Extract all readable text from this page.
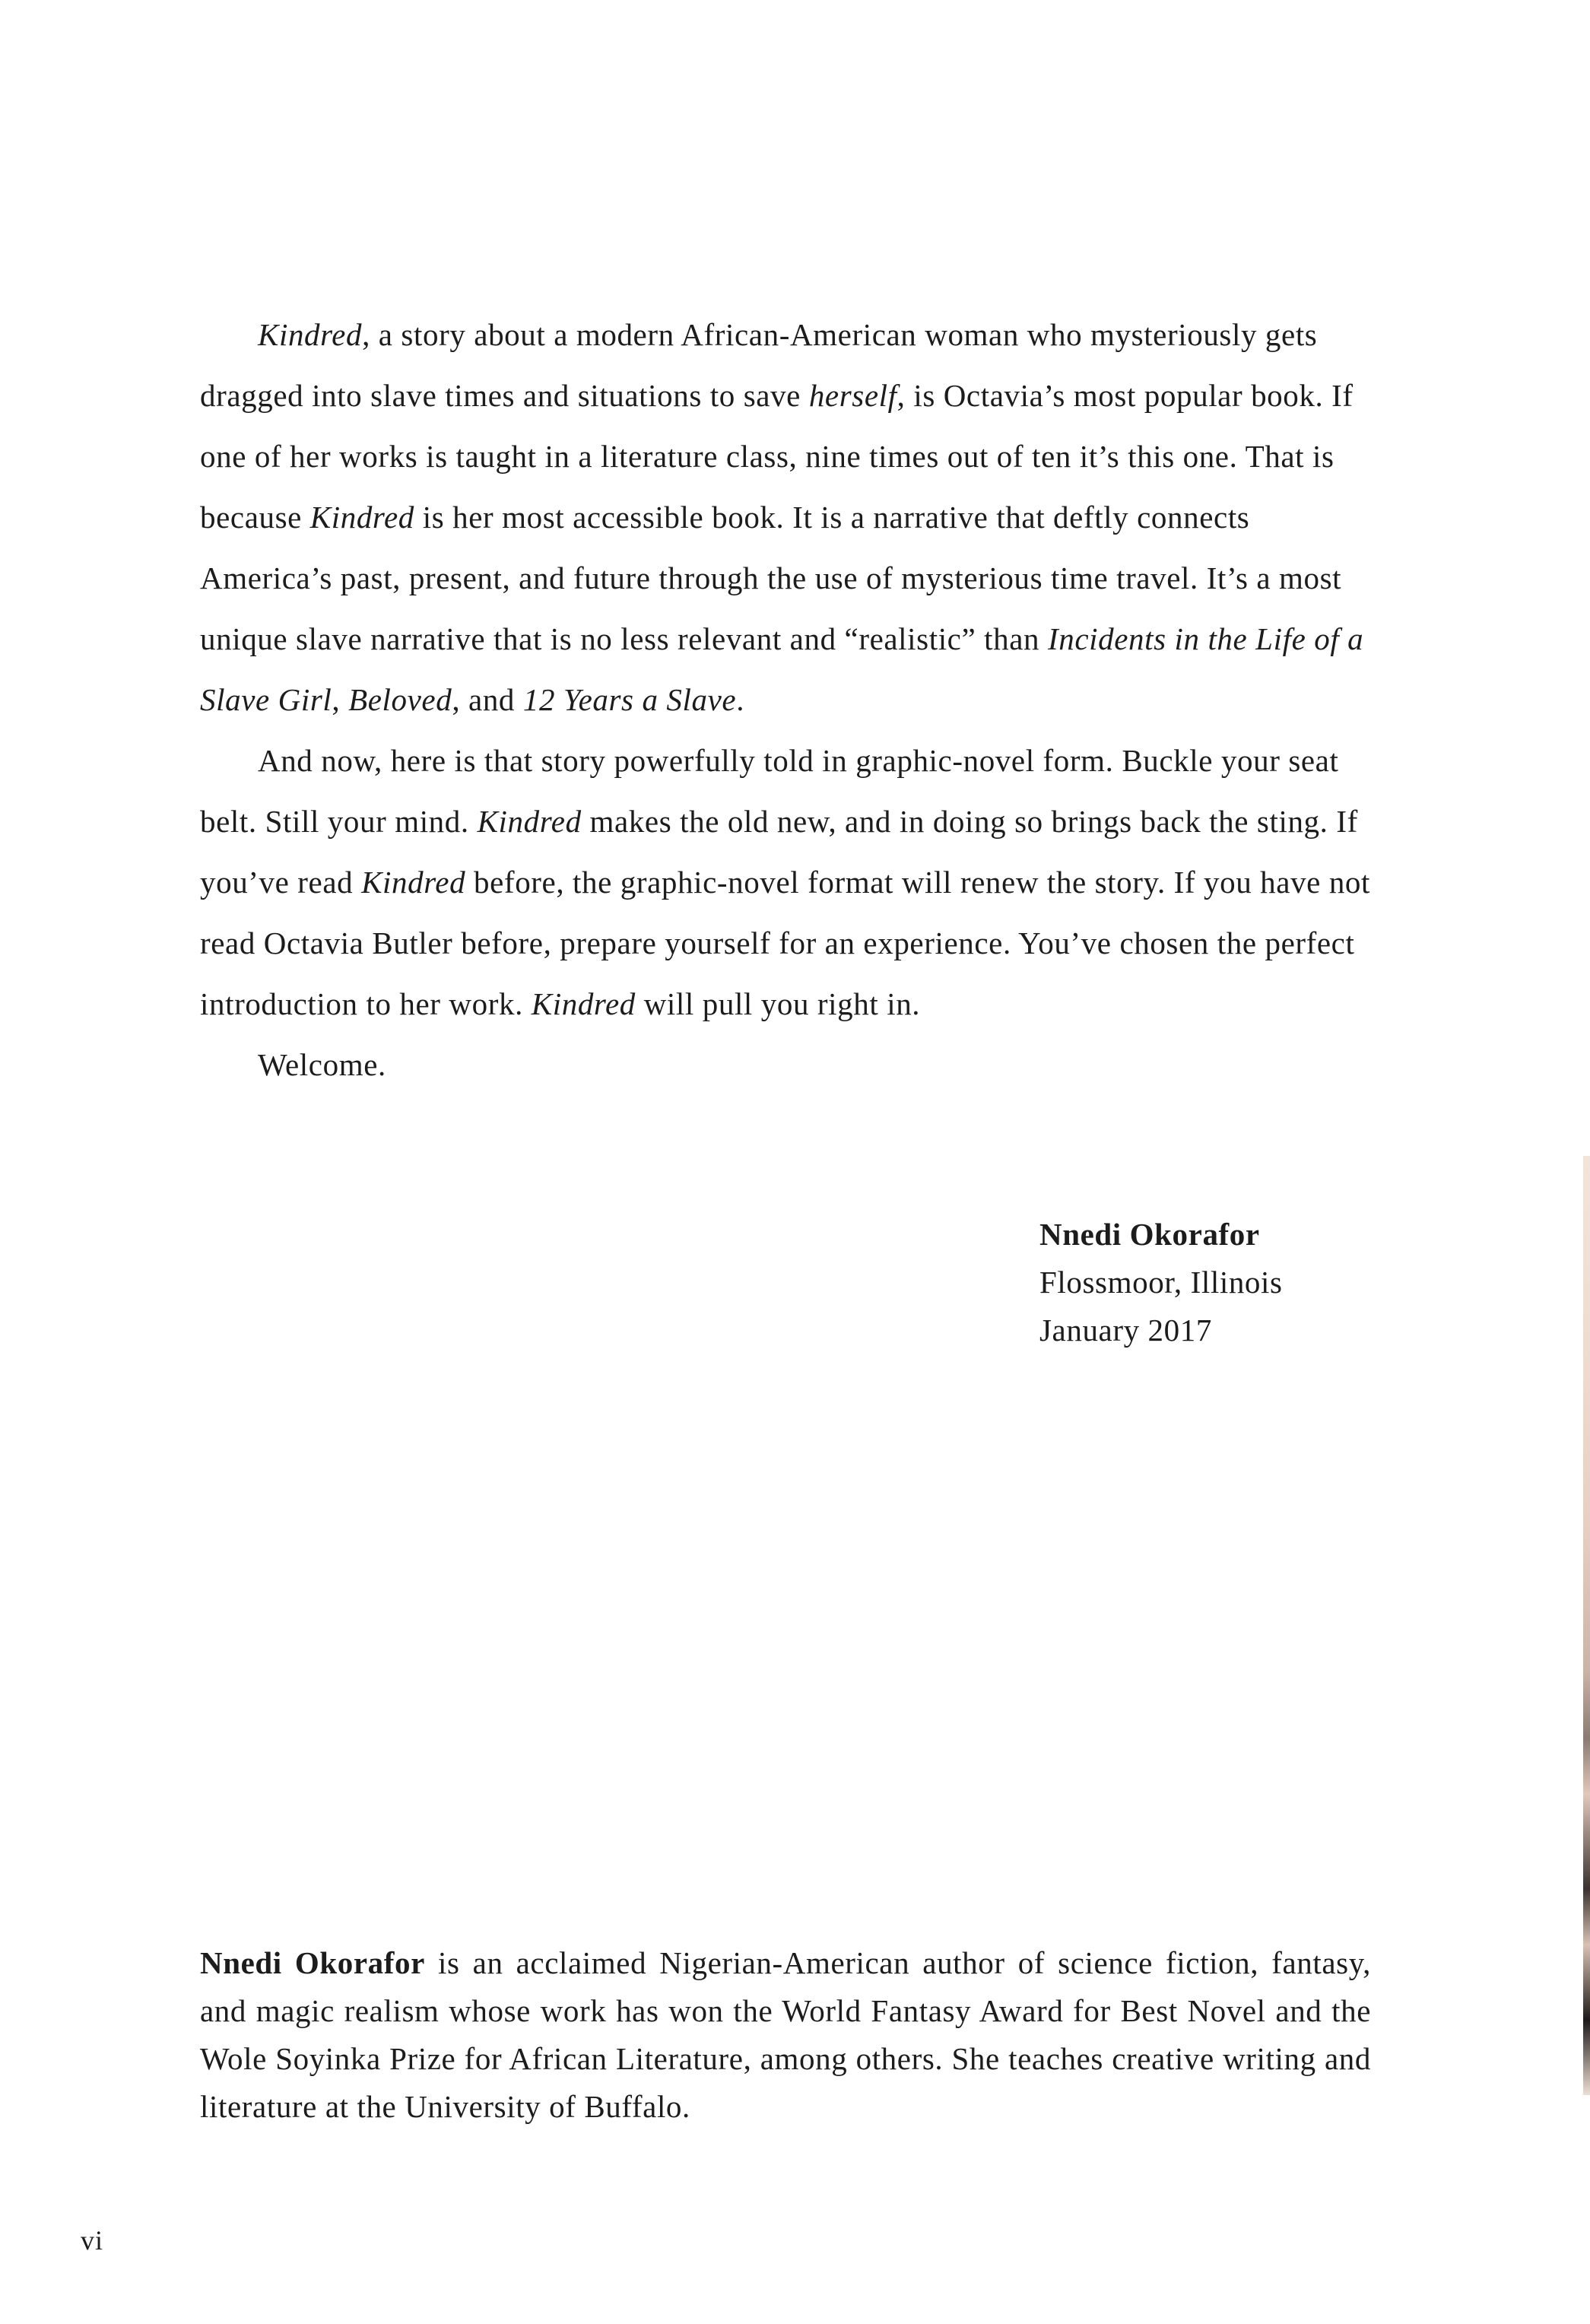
Kindred, a story about a modern African-American woman who mysteriously gets dragged into slave times and situations to save herself, is Octavia’s most popular book. If one of her works is taught in a literature class, nine times out of ten it’s this one. That is because Kindred is her most accessible book. It is a narrative that deftly connects America’s past, present, and future through the use of mysterious time travel. It’s a most unique slave narrative that is no less relevant and “realistic” than Incidents in the Life of a Slave Girl, Beloved, and 12 Years a Slave.

And now, here is that story powerfully told in graphic-novel form. Buckle your seat belt. Still your mind. Kindred makes the old new, and in doing so brings back the sting. If you’ve read Kindred before, the graphic-novel format will renew the story. If you have not read Octavia Butler before, prepare yourself for an experience. You’ve chosen the perfect introduction to her work. Kindred will pull you right in.

Welcome.

Nnedi Okorafor
Flossmoor, Illinois
January 2017

Nnedi Okorafor is an acclaimed Nigerian-American author of science fiction, fantasy, and magic realism whose work has won the World Fantasy Award for Best Novel and the Wole Soyinka Prize for African Literature, among others. She teaches creative writing and literature at the University of Buffalo.

vi
